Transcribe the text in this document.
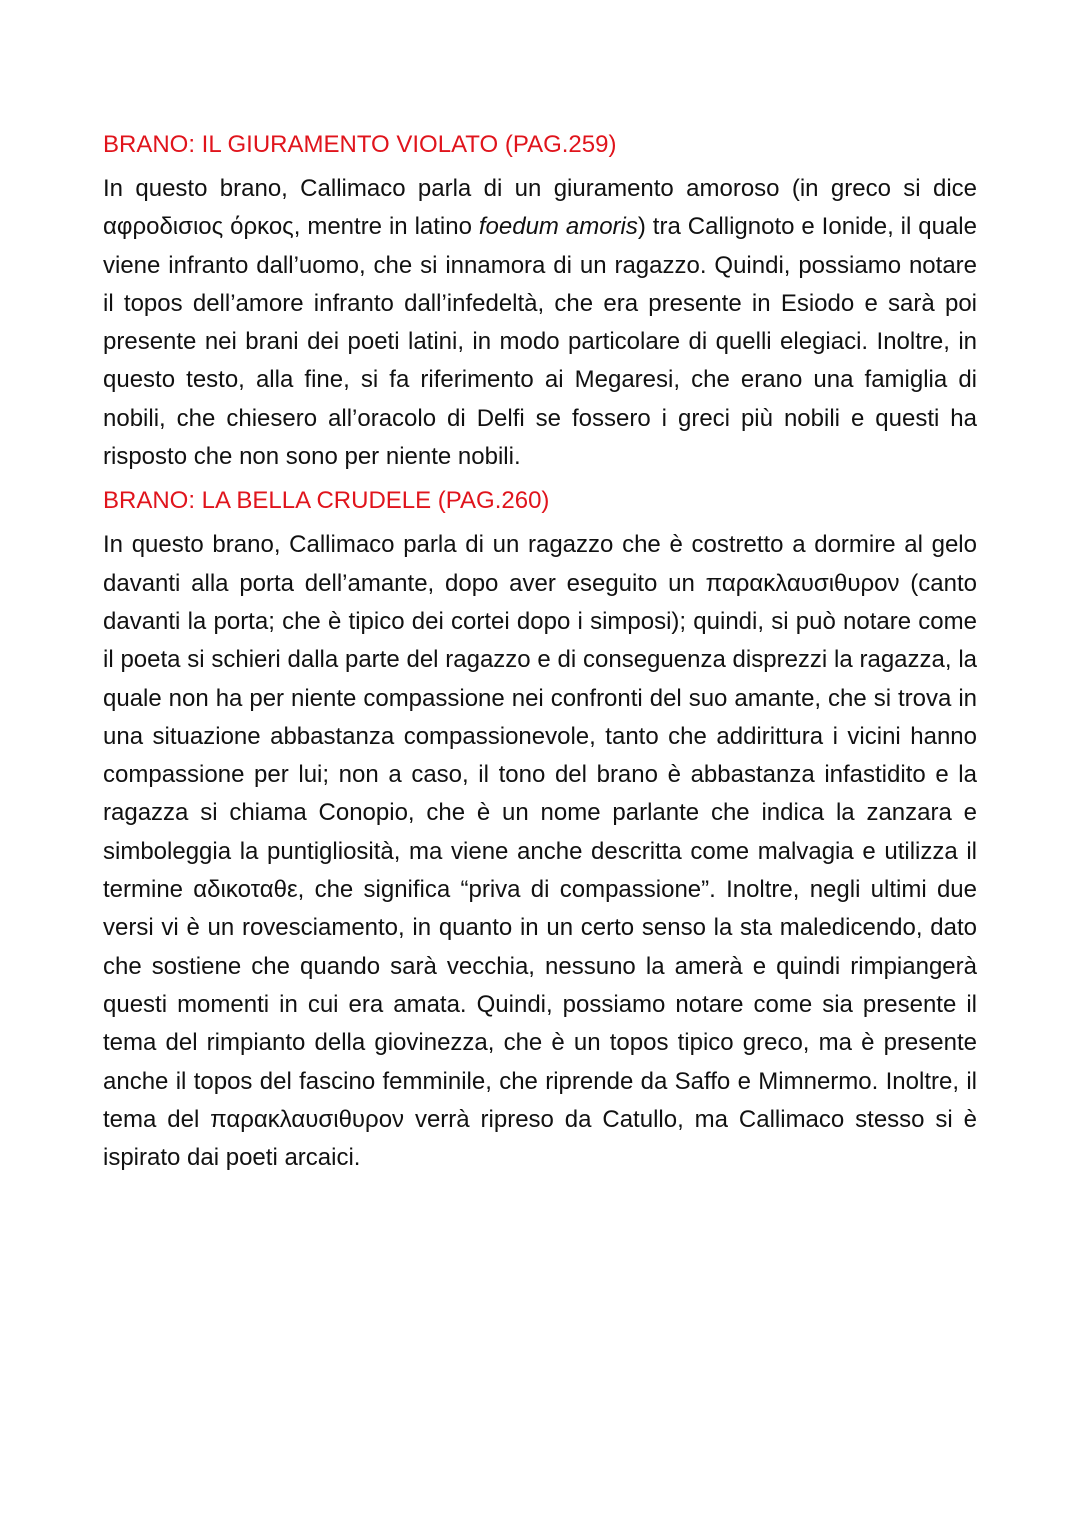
BRANO: IL GIURAMENTO VIOLATO (PAG.259)

In questo brano, Callimaco parla di un giuramento amoroso (in greco si dice αφροδισιος όρκος, mentre in latino foedum amoris) tra Callignoto e Ionide, il quale viene infranto dall’uomo, che si innamora di un ragazzo. Quindi, possiamo notare il topos dell’amore infranto dall’infedeltà, che era presente in Esiodo e sarà poi presente nei brani dei poeti latini, in modo particolare di quelli elegiaci. Inoltre, in questo testo, alla fine, si fa riferimento ai Megaresi, che erano una famiglia di nobili, che chiesero all’oracolo di Delfi se fossero i greci più nobili e questi ha risposto che non sono per niente nobili.

BRANO: LA BELLA CRUDELE (PAG.260)

In questo brano, Callimaco parla di un ragazzo che è costretto a dormire al gelo davanti alla porta dell’amante, dopo aver eseguito un παρακλαυσιθυρον (canto davanti la porta; che è tipico dei cortei dopo i simposi); quindi, si può notare come il poeta si schieri dalla parte del ragazzo e di conseguenza disprezzi la ragazza, la quale non ha per niente compassione nei confronti del suo amante, che si trova in una situazione abbastanza compassionevole, tanto che addirittura i vicini hanno compassione per lui; non a caso, il tono del brano è abbastanza infastidito e la ragazza si chiama Conopio, che è un nome parlante che indica la zanzara e simboleggia la puntigliosità, ma viene anche descritta come malvagia e utilizza il termine αδικοταθε, che significa “priva di compassione”. Inoltre, negli ultimi due versi vi è un rovesciamento, in quanto in un certo senso la sta maledicendo, dato che sostiene che quando sarà vecchia, nessuno la amerà e quindi rimpiangerà questi momenti in cui era amata. Quindi, possiamo notare come sia presente il tema del rimpianto della giovinezza, che è un topos tipico greco, ma è presente anche il topos del fascino femminile, che riprende da Saffo e Mimnermo. Inoltre, il tema del παρακλαυσιθυρον verrà ripreso da Catullo, ma Callimaco stesso si è ispirato dai poeti arcaici.
